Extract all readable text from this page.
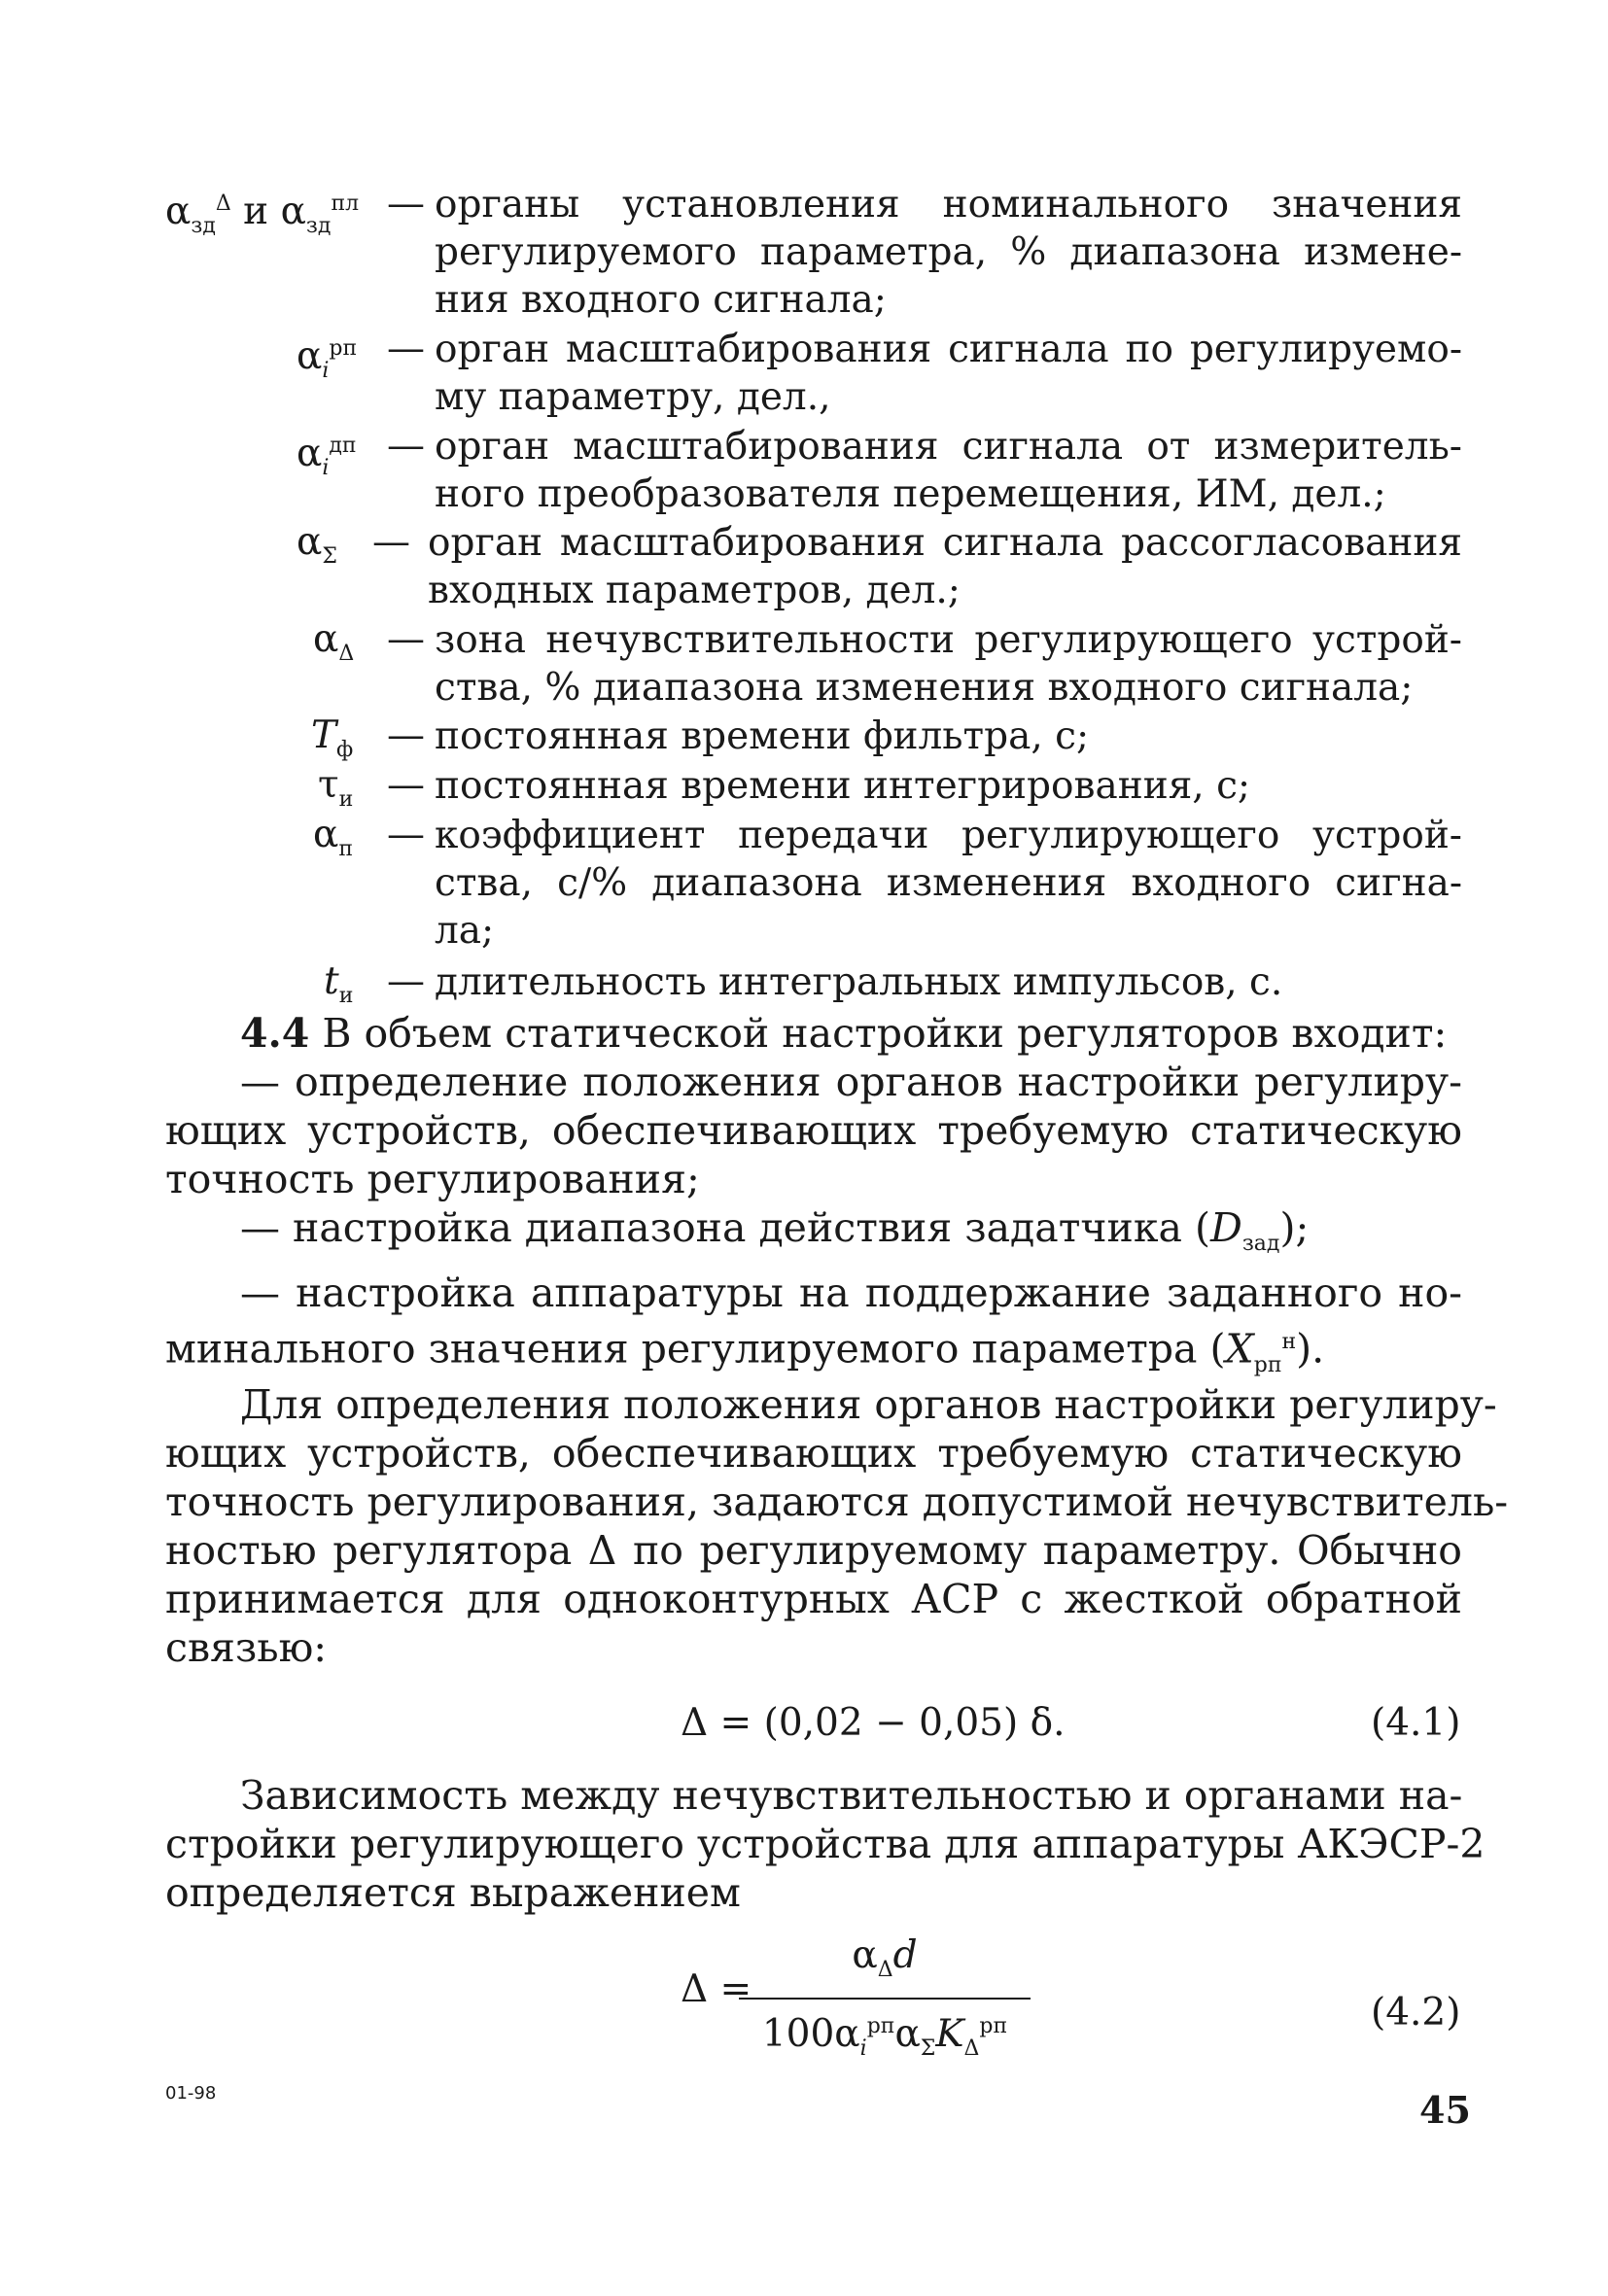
$\alpha_{зд}^\Delta$ и $\alpha_{зд}^{пл}$ — органы установления номинального значения
регулируемого параметра, % диапазона измене-
ния входного сигнала;
$\alpha_i^{рп}$ — орган масштабирования сигнала по регулируемо-
му параметру, дел.,
$\alpha_i^{дп}$ — орган масштабирования сигнала от измеритель-
ного преобразователя перемещения, ИМ, дел.;
$\alpha_\Sigma$ — орган масштабирования сигнала рассогласования
входных параметров, дел.;
$\alpha_\Delta$ — зона нечувствительности регулирующего устрой-
ства, % диапазона изменения входного сигнала;
$T_ф$ — постоянная времени фильтра, с;
$\tau_и$ — постоянная времени интегрирования, с;
$\alpha_п$ — коэффициент передачи регулирующего устрой-
ства, с/% диапазона изменения входного сигна-
ла;
$t_и$ — длительность интегральных импульсов, с.
4.4 В объем статической настройки регуляторов входит:
— определение положения органов настройки регулиру-
ющих устройств, обеспечивающих требуемую статическую
точность регулирования;
— настройка диапазона действия задатчика $(D_{зад})$;
— настройка аппаратуры на поддержание заданного но-
минального значения регулируемого параметра $(X_{рп}^н)$.
Для определения положения органов настройки регулиру-
ющих устройств, обеспечивающих требуемую статическую
точность регулирования, задаются допустимой нечувствитель-
ностью регулятора Δ по регулируемому параметру. Обычно
принимается для одноконтурных АСР с жесткой обратной
связью:
Δ = (0,02 − 0,05) δ.	(4.1)
Зависимость между нечувствительностью и органами на-
стройки регулирующего устройства для аппаратуры АКЭСР-2
определяется выражением
Δ =
$\alpha_\Delta d$
$100\alpha_i^{рп}\alpha_\Sigma K_\Delta^{рп}$	(4.2)
01-98	45
